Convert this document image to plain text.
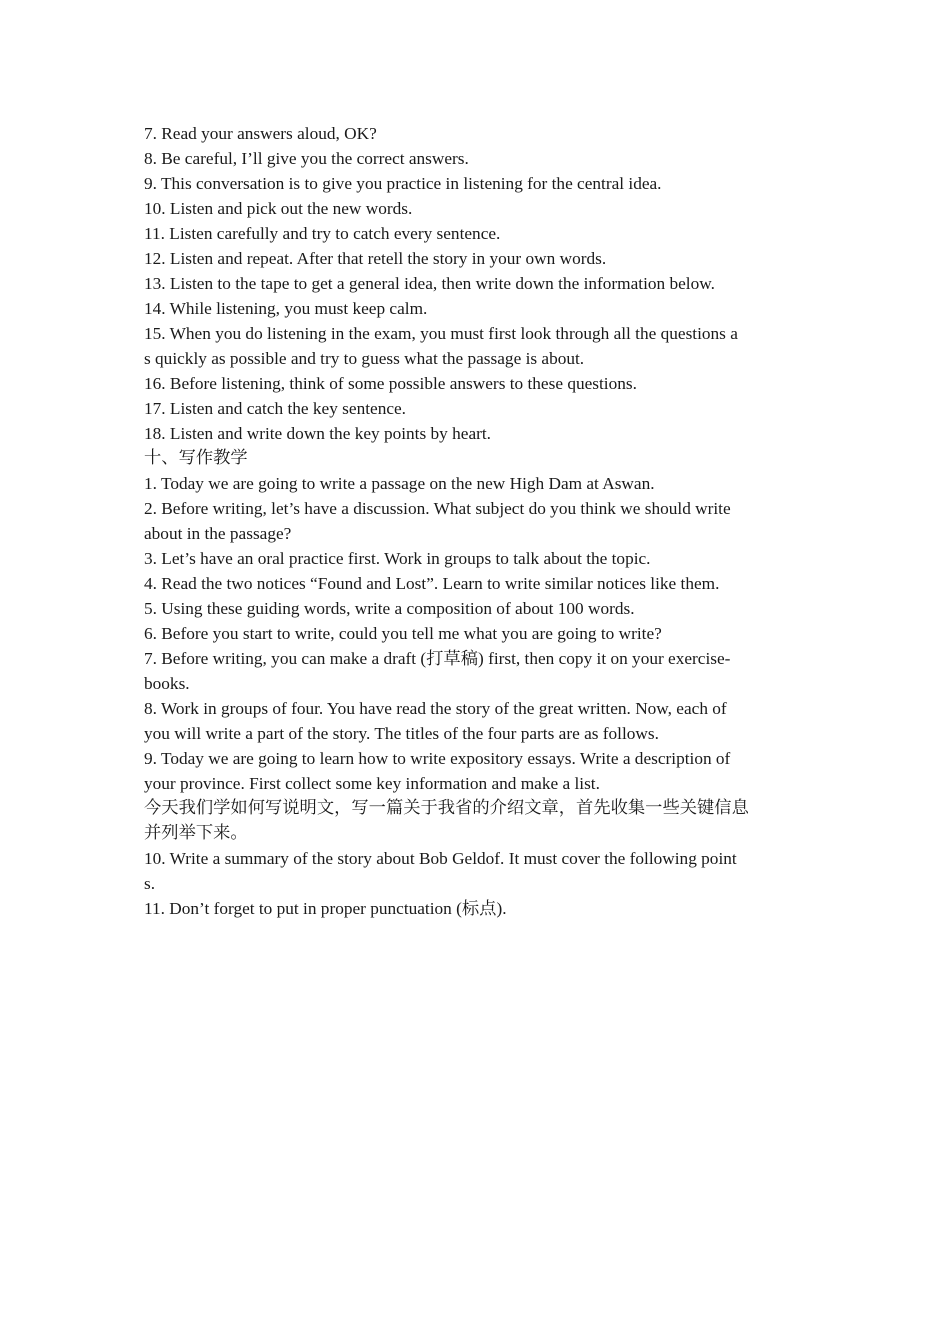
7. Read your answers aloud, OK?

8. Be careful, I’ll give you the correct answers.

9. This conversation is to give you practice in listening for the central idea.

10. Listen and pick out the new words.

11. Listen carefully and try to catch every sentence.

12. Listen and repeat. After that retell the story in your own words.

13. Listen to the tape to get a general idea, then write down the information below.

14. While listening, you must keep calm.

15. When you do listening in the exam, you must first look through all the questions a
s quickly as possible and try to guess what the passage is about.

16. Before listening, think of some possible answers to these questions.

17. Listen and catch the key sentence.

18. Listen and write down the key points by heart.

十、写作教学

1. Today we are going to write a passage on the new High Dam at Aswan.

2. Before writing, let’s have a discussion. What subject do you think we should write
about in the passage?

3. Let’s have an oral practice first. Work in groups to talk about the topic.

4. Read the two notices “Found and Lost”. Learn to write similar notices like them.

5. Using these guiding words, write a composition of about 100 words.

6. Before you start to write, could you tell me what you are going to write?

7. Before writing, you can make a draft (打草稿) first, then copy it on your exercise-
books.

8. Work in groups of four. You have read the story of the great written. Now, each of
you will write a part of the story. The titles of the four parts are as follows.

9. Today we are going to learn how to write expository essays. Write a description of
your province. First collect some key information and make a list.

今天我们学如何写说明文，写一篇关于我省的介绍文章，首先收集一些关键信息
并列举下来。

10. Write a summary of the story about Bob Geldof. It must cover the following point
s.

11. Don’t forget to put in proper punctuation (标点).
